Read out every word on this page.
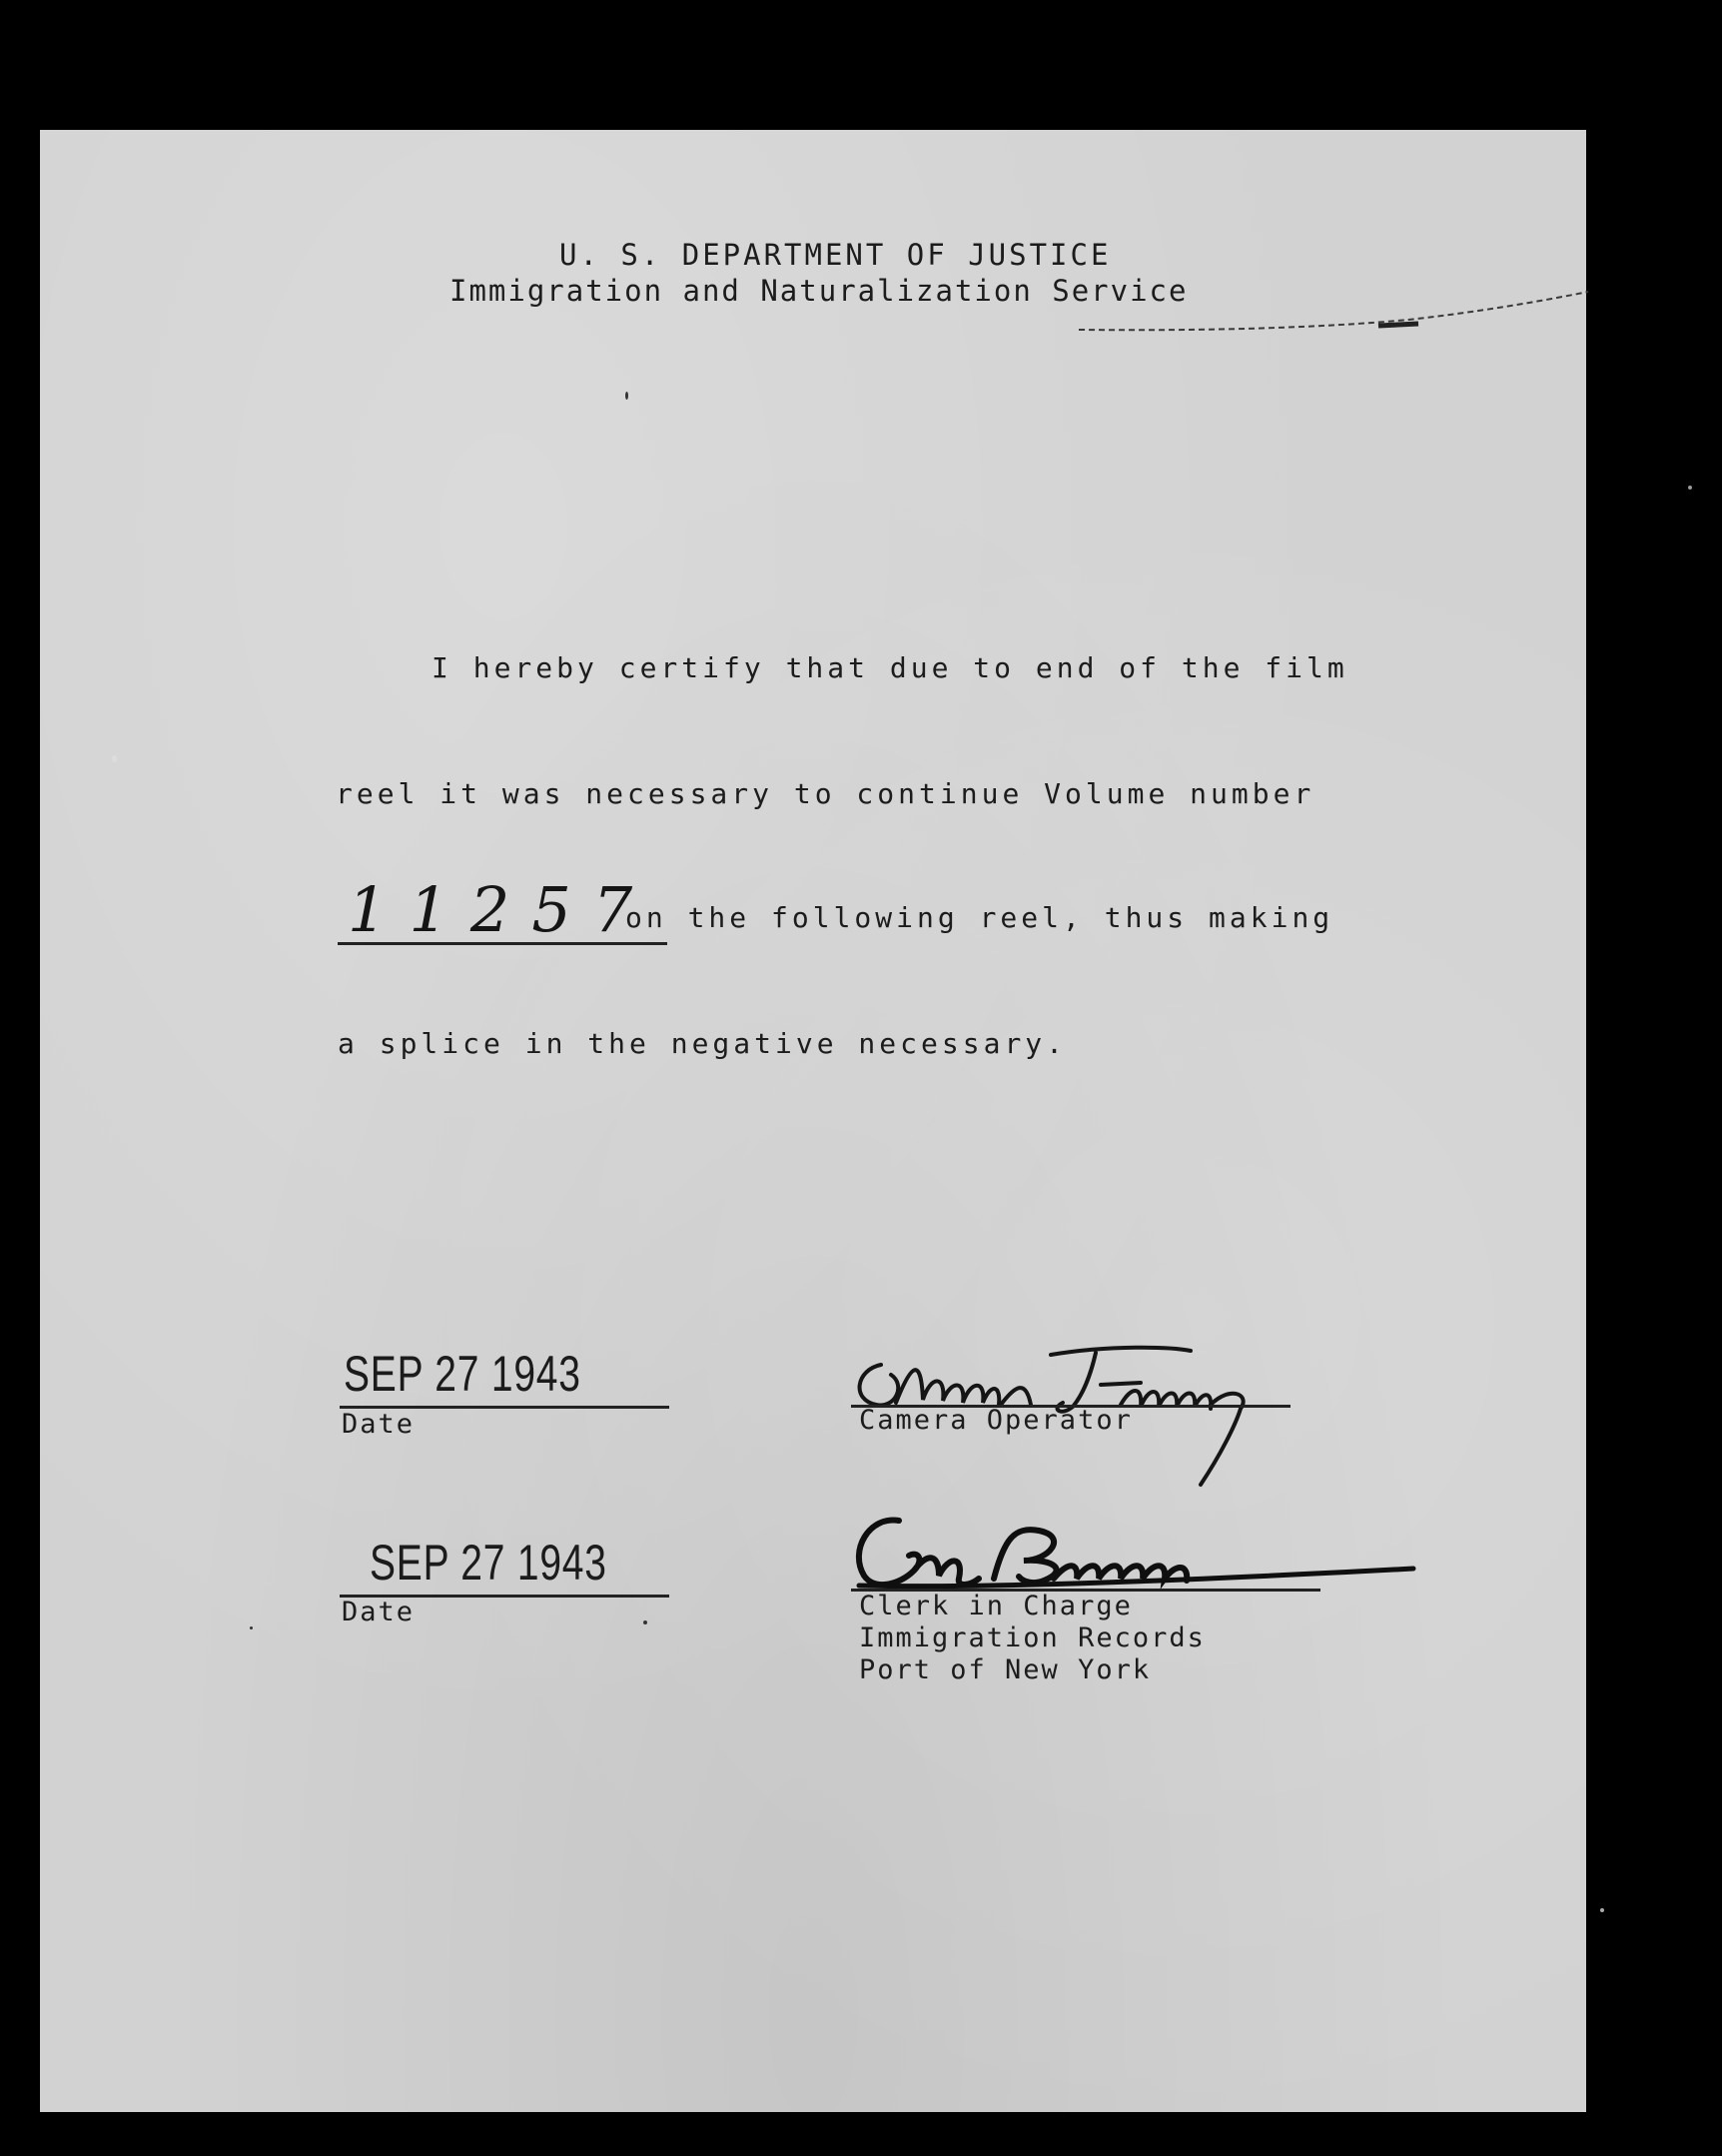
U. S. DEPARTMENT OF JUSTICE
Immigration and Naturalization Service
I hereby certify that due to end of the film
reel it was necessary to continue Volume number
11257
on the following reel, thus making
a splice in the negative necessary.
SEP 27 1943
Date	Camera Operator
SEP 27 1943
Date	Clerk in Charge
Immigration Records
Port of New York
